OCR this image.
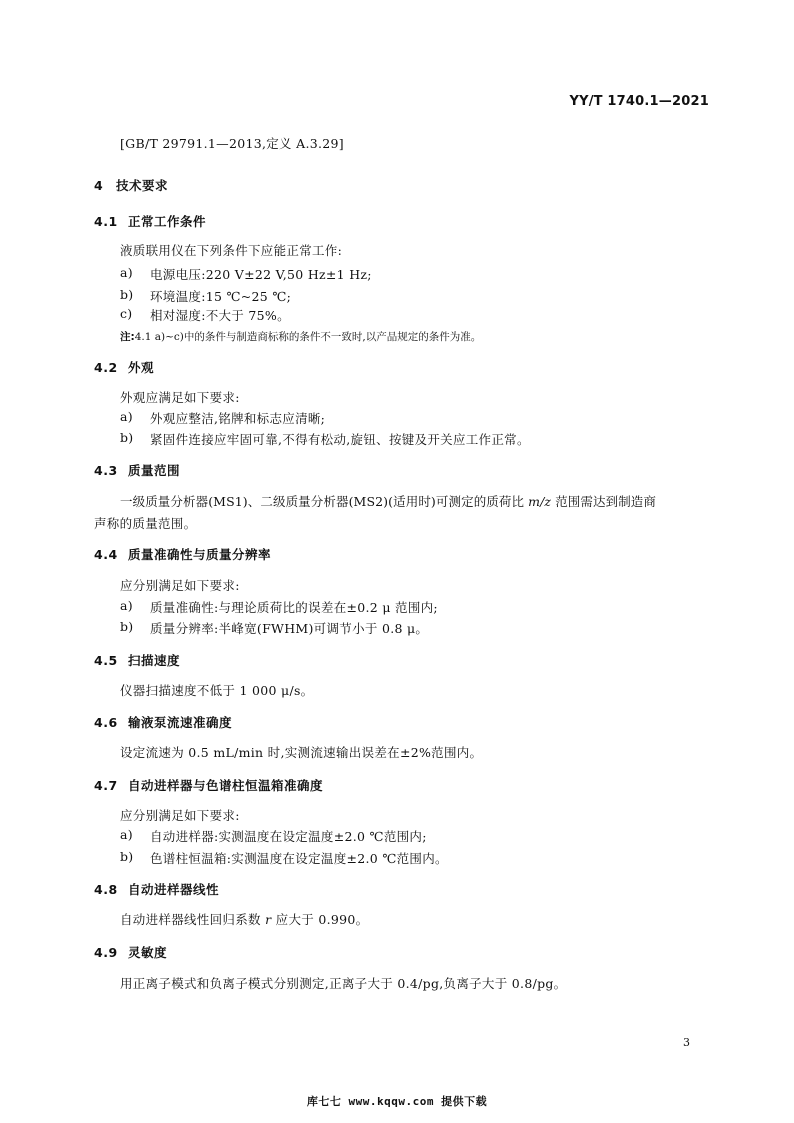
YY/T 1740.1—2021
[GB/T 29791.1—2013,定义 A.3.29]
4 技术要求
4.1 正常工作条件
液质联用仪在下列条件下应能正常工作:
a) 电源电压:220 V±22 V,50 Hz±1 Hz;
b) 环境温度:15 ℃~25 ℃;
c) 相对湿度:不大于 75%。
注:4.1 a)~c)中的条件与制造商标称的条件不一致时,以产品规定的条件为准。
4.2 外观
外观应满足如下要求:
a) 外观应整洁,铭牌和标志应清晰;
b) 紧固件连接应牢固可靠,不得有松动,旋钮、按键及开关应工作正常。
4.3 质量范围
一级质量分析器(MS1)、二级质量分析器(MS2)(适用时)可测定的质荷比 m/z 范围需达到制造商
声称的质量范围。
4.4 质量准确性与质量分辨率
应分别满足如下要求:
a) 质量准确性:与理论质荷比的误差在±0.2 μ 范围内;
b) 质量分辨率:半峰宽(FWHM)可调节小于 0.8 μ。
4.5 扫描速度
仪器扫描速度不低于 1 000 μ/s。
4.6 输液泵流速准确度
设定流速为 0.5 mL/min 时,实测流速输出误差在±2%范围内。
4.7 自动进样器与色谱柱恒温箱准确度
应分别满足如下要求:
a) 自动进样器:实测温度在设定温度±2.0 ℃范围内;
b) 色谱柱恒温箱:实测温度在设定温度±2.0 ℃范围内。
4.8 自动进样器线性
自动进样器线性回归系数 r 应大于 0.990。
4.9 灵敏度
用正离子模式和负离子模式分别测定,正离子大于 0.4/pg,负离子大于 0.8/pg。
3
库七七 www.kqqw.com 提供下载
